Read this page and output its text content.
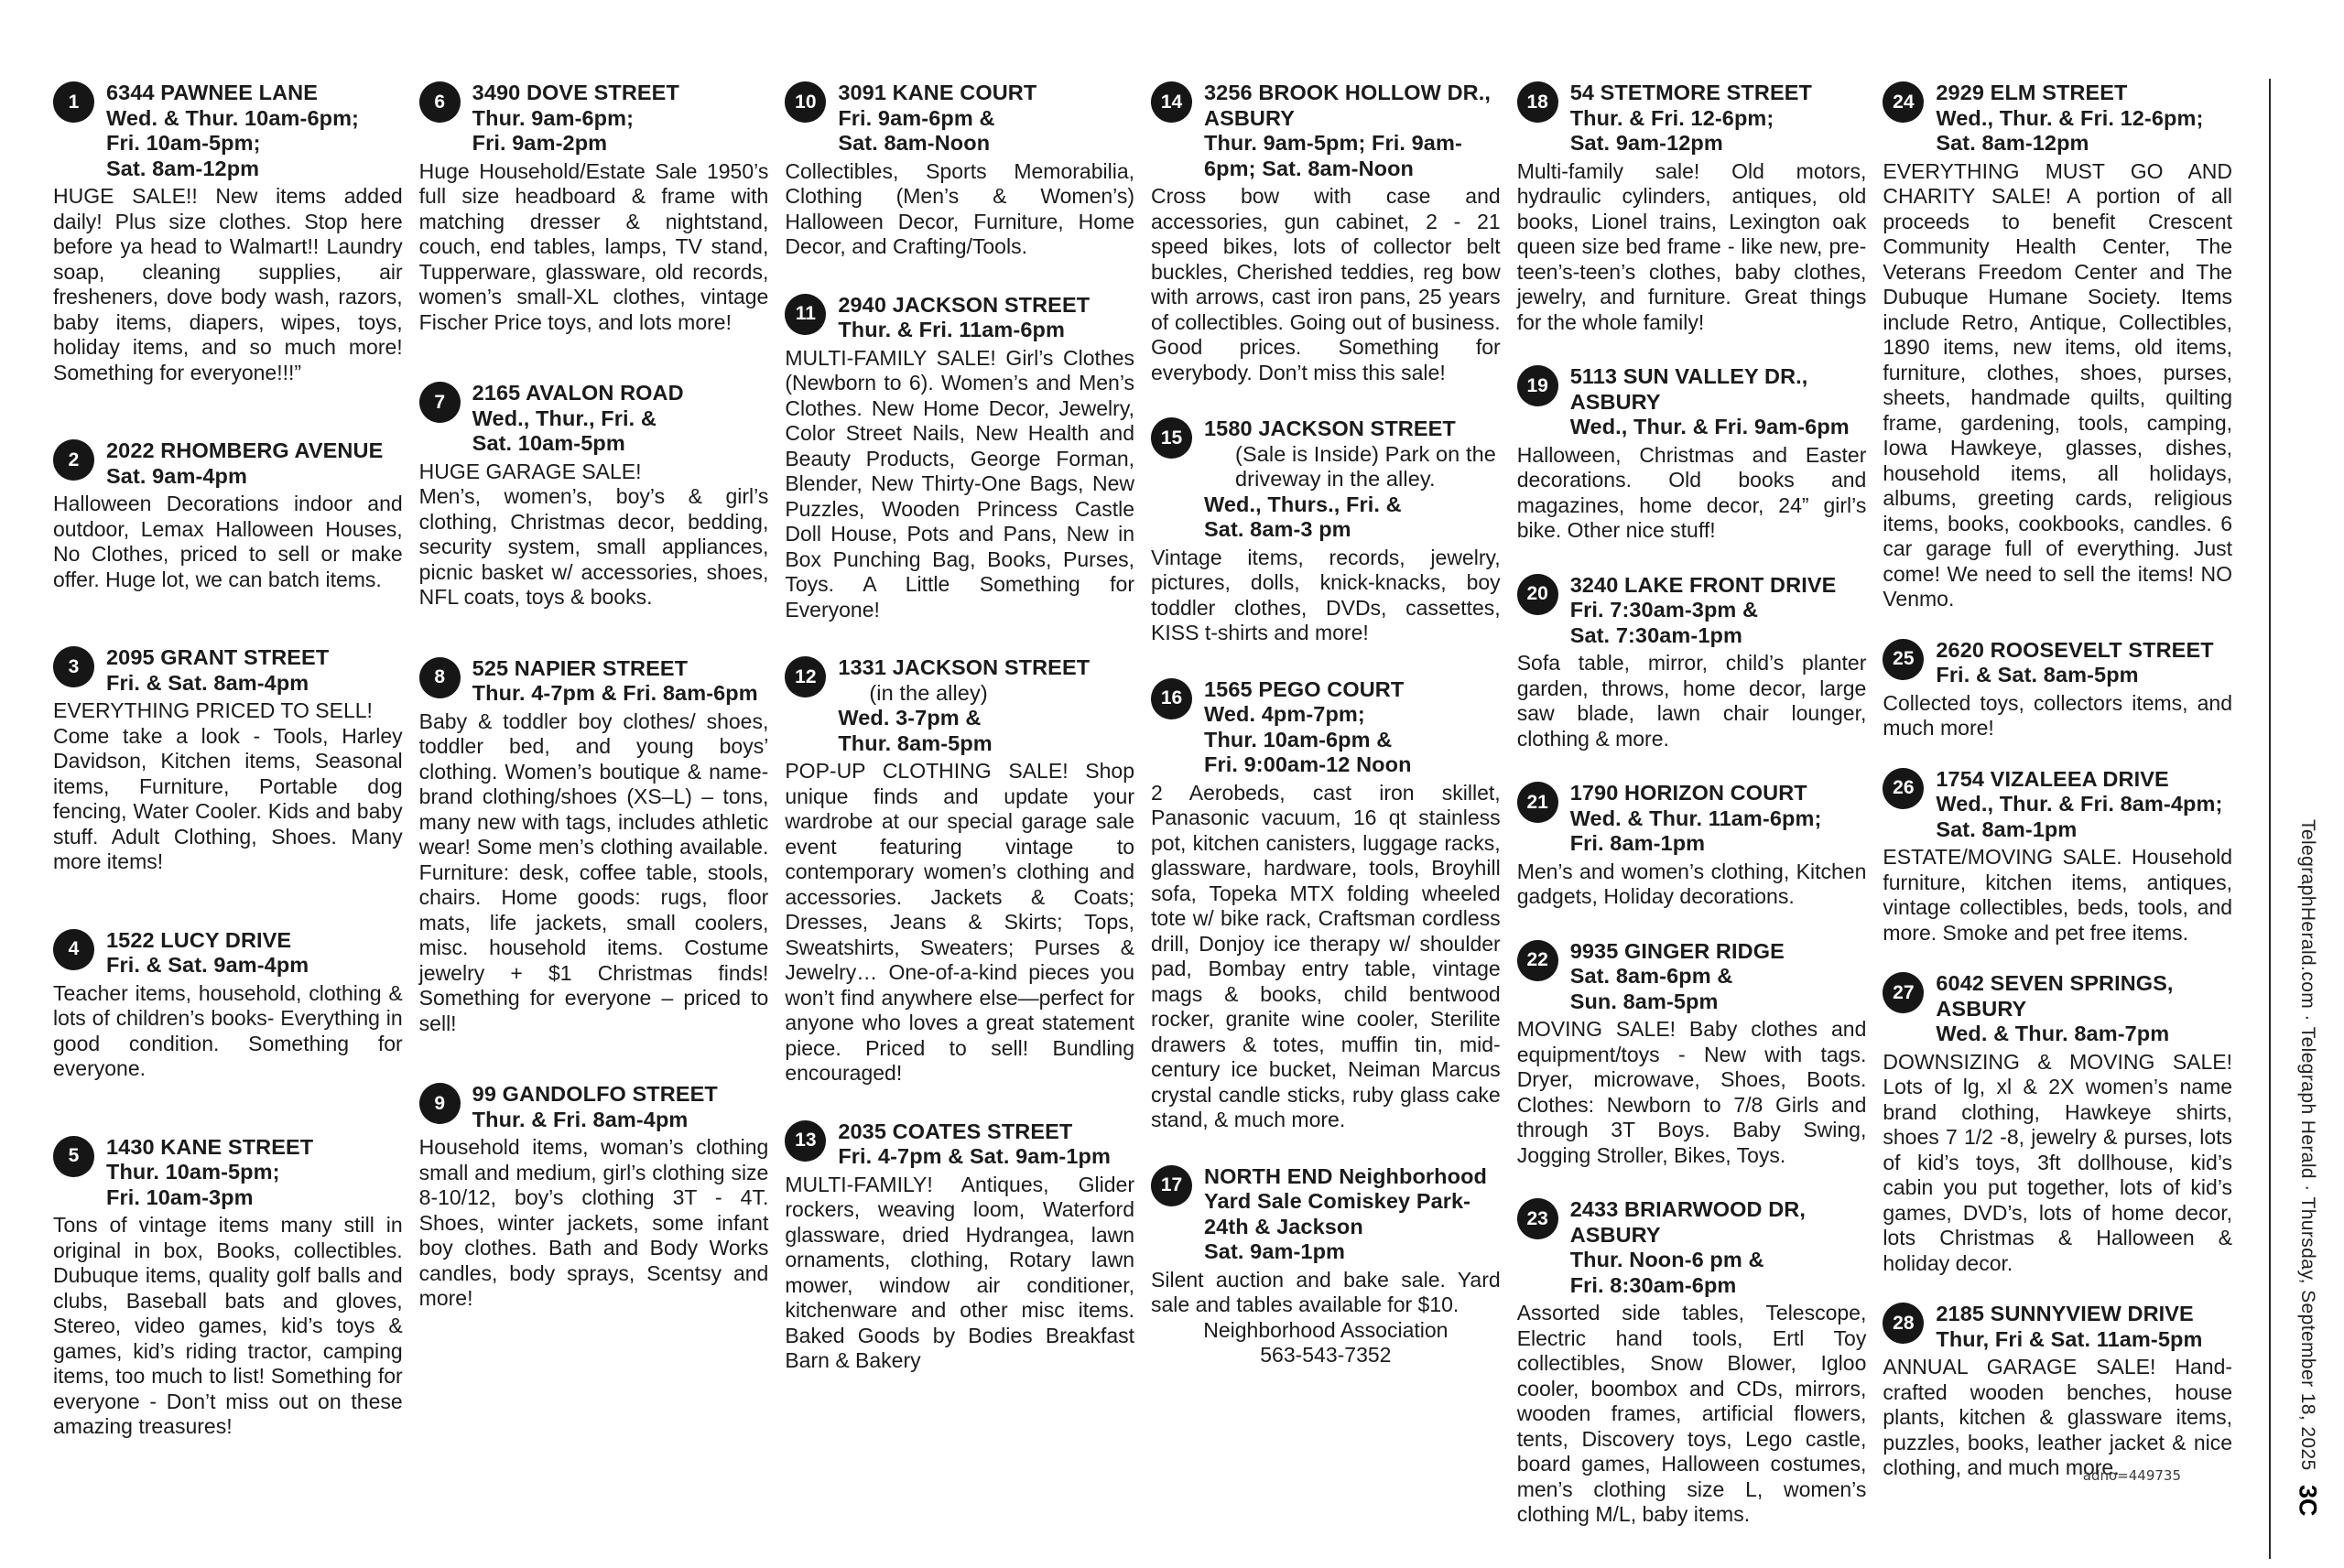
1	6344 PAWNEE LANE
Wed. & Thur. 10am-6pm;
Fri. 10am-5pm;
Sat. 8am-12pm

HUGE SALE!! New items added daily! Plus size clothes. Stop here before ya head to Walmart!! Laundry soap, cleaning supplies, air fresheners, dove body wash, razors, baby items, diapers, wipes, toys, holiday items, and so much more! Something for everyone!!!”

2	2022 RHOMBERG AVENUE
Sat. 9am-4pm

Halloween Decorations indoor and outdoor, Lemax Halloween Houses, No Clothes, priced to sell or make offer. Huge lot, we can batch items.

3	2095 GRANT STREET
Fri. & Sat. 8am-4pm

EVERYTHING PRICED TO SELL!

Come take a look - Tools, Harley Davidson, Kitchen items, Seasonal items, Furniture, Portable dog fencing, Water Cooler. Kids and baby stuff. Adult Clothing, Shoes. Many more items!

4	1522 LUCY DRIVE
Fri. & Sat. 9am-4pm

Teacher items, household, clothing & lots of children’s books- Everything in good condition. Something for everyone.

5	1430 KANE STREET
Thur. 10am-5pm;
Fri. 10am-3pm

Tons of vintage items many still in original in box, Books, collectibles. Dubuque items, quality golf balls and clubs, Baseball bats and gloves, Stereo, video games, kid’s toys & games, kid’s riding tractor, camping items, too much to list! Something for everyone - Don’t miss out on these amazing treasures!

6	3490 DOVE STREET
Thur. 9am-6pm;
Fri. 9am-2pm

Huge Household/Estate Sale 1950’s full size headboard & frame with matching dresser & nightstand, couch, end tables, lamps, TV stand, Tupperware, glassware, old records, women’s small-XL clothes, vintage Fischer Price toys, and lots more!

7	2165 AVALON ROAD
Wed., Thur., Fri. &
Sat. 10am-5pm

HUGE GARAGE SALE!

Men’s, women’s, boy’s & girl’s clothing, Christmas decor, bedding, security system, small appliances, picnic basket w/ accessories, shoes, NFL coats, toys & books.

8	525 NAPIER STREET
Thur. 4-7pm & Fri. 8am-6pm

Baby & toddler boy clothes/ shoes, toddler bed, and young boys’ clothing. Women’s boutique & name-brand clothing/shoes (XS–L) – tons, many new with tags, includes athletic wear! Some men’s clothing available. Furniture: desk, coffee table, stools, chairs. Home goods: rugs, floor mats, life jackets, small coolers, misc. household items. Costume jewelry + $1 Christmas finds! Something for everyone – priced to sell!

9	99 GANDOLFO STREET
Thur. & Fri. 8am-4pm

Household items, woman’s clothing small and medium, girl’s clothing size 8-10/12, boy’s clothing 3T - 4T. Shoes, winter jackets, some infant boy clothes. Bath and Body Works candles, body sprays, Scentsy and more!

10	3091 KANE COURT
Fri. 9am-6pm &
Sat. 8am-Noon

Collectibles, Sports Memorabilia, Clothing (Men’s & Women’s) Halloween Decor, Furniture, Home Decor, and Crafting/Tools.

11	2940 JACKSON STREET
Thur. & Fri. 11am-6pm

MULTI-FAMILY SALE! Girl’s Clothes (Newborn to 6). Women’s and Men’s Clothes. New Home Decor, Jewelry, Color Street Nails, New Health and Beauty Products, George Forman, Blender, New Thirty-One Bags, New Puzzles, Wooden Princess Castle Doll House, Pots and Pans, New in Box Punching Bag, Books, Purses, Toys. A Little Something for Everyone!

12	1331 JACKSON STREET
(in the alley)
Wed. 3-7pm &
Thur. 8am-5pm

POP-UP CLOTHING SALE! Shop unique finds and update your wardrobe at our special garage sale event featuring vintage to contemporary women’s clothing and accessories. Jackets & Coats; Dresses, Jeans & Skirts; Tops, Sweatshirts, Sweaters; Purses & Jewelry… One-of-a-kind pieces you won’t find anywhere else—perfect for anyone who loves a great statement piece. Priced to sell! Bundling encouraged!

13	2035 COATES STREET
Fri. 4-7pm & Sat. 9am-1pm

MULTI-FAMILY! Antiques, Glider rockers, weaving loom, Waterford glassware, dried Hydrangea, lawn ornaments, clothing, Rotary lawn mower, window air conditioner, kitchenware and other misc items. Baked Goods by Bodies Breakfast Barn & Bakery

14	3256 BROOK HOLLOW DR.,
ASBURY
Thur. 9am-5pm; Fri. 9am-
6pm; Sat. 8am-Noon

Cross bow with case and accessories, gun cabinet, 2 - 21 speed bikes, lots of collector belt buckles, Cherished teddies, reg bow with arrows, cast iron pans, 25 years of collectibles. Going out of business. Good prices. Something for everybody. Don’t miss this sale!

15	1580 JACKSON STREET
(Sale is Inside) Park on the
driveway in the alley.
Wed., Thurs., Fri. &
Sat. 8am-3 pm

Vintage items, records, jewelry, pictures, dolls, knick-knacks, boy toddler clothes, DVDs, cassettes, KISS t-shirts and more!

16	1565 PEGO COURT
Wed. 4pm-7pm;
Thur. 10am-6pm &
Fri. 9:00am-12 Noon

2 Aerobeds, cast iron skillet, Panasonic vacuum, 16 qt stainless pot, kitchen canisters, luggage racks, glassware, hardware, tools, Broyhill sofa, Topeka MTX folding wheeled tote w/ bike rack, Craftsman cordless drill, Donjoy ice therapy w/ shoulder pad, Bombay entry table, vintage mags & books, child bentwood rocker, granite wine cooler, Sterilite drawers & totes, muffin tin, mid-century ice bucket, Neiman Marcus crystal candle sticks, ruby glass cake stand, & much more.

17	NORTH END Neighborhood
Yard Sale Comiskey Park-
24th & Jackson
Sat. 9am-1pm

Silent auction and bake sale. Yard sale and tables available for $10.

Neighborhood Association
563-543-7352
18	54 STETMORE STREET
Thur. & Fri. 12-6pm;
Sat. 9am-12pm

Multi-family sale! Old motors, hydraulic cylinders, antiques, old books, Lionel trains, Lexington oak queen size bed frame - like new, pre-teen’s-teen’s clothes, baby clothes, jewelry, and furniture. Great things for the whole family!

19	5113 SUN VALLEY DR., ASBURY
Wed., Thur. & Fri. 9am-6pm

Halloween, Christmas and Easter decorations. Old books and magazines, home decor, 24” girl’s bike. Other nice stuff!

20	3240 LAKE FRONT DRIVE
Fri. 7:30am-3pm &
Sat. 7:30am-1pm

Sofa table, mirror, child’s planter garden, throws, home decor, large saw blade, lawn chair lounger, clothing & more.

21	1790 HORIZON COURT
Wed. & Thur. 11am-6pm;
Fri. 8am-1pm

Men’s and women’s clothing, Kitchen gadgets, Holiday decorations.

22	9935 GINGER RIDGE
Sat. 8am-6pm &
Sun. 8am-5pm

MOVING SALE! Baby clothes and equipment/toys - New with tags. Dryer, microwave, Shoes, Boots. Clothes: Newborn to 7/8 Girls and through 3T Boys. Baby Swing, Jogging Stroller, Bikes, Toys.

23	2433 BRIARWOOD DR, ASBURY
Thur. Noon-6 pm &
Fri. 8:30am-6pm

Assorted side tables, Telescope, Electric hand tools, Ertl Toy collectibles, Snow Blower, Igloo cooler, boombox and CDs, mirrors, wooden frames, artificial flowers, tents, Discovery toys, Lego castle, board games, Halloween costumes, men’s clothing size L, women’s clothing M/L, baby items.

24	2929 ELM STREET
Wed., Thur. & Fri. 12-6pm;
Sat. 8am-12pm

EVERYTHING MUST GO AND CHARITY SALE! A portion of all proceeds to benefit Crescent Community Health Center, The Veterans Freedom Center and The Dubuque Humane Society. Items include Retro, Antique, Collectibles, 1890 items, new items, old items, furniture, clothes, shoes, purses, sheets, handmade quilts, quilting frame, gardening, tools, camping, Iowa Hawkeye, glasses, dishes, household items, all holidays, albums, greeting cards, religious items, books, cookbooks, candles. 6 car garage full of everything. Just come! We need to sell the items! NO Venmo.

25	2620 ROOSEVELT STREET
Fri. & Sat. 8am-5pm

Collected toys, collectors items, and much more!

26	1754 VIZALEEA DRIVE
Wed., Thur. & Fri. 8am-4pm;
Sat. 8am-1pm

ESTATE/MOVING SALE. Household furniture, kitchen items, antiques, vintage collectibles, beds, tools, and more. Smoke and pet free items.

27	6042 SEVEN SPRINGS, ASBURY
Wed. & Thur. 8am-7pm

DOWNSIZING & MOVING SALE! Lots of lg, xl & 2X women’s name brand clothing, Hawkeye shirts, shoes 7 1/2 -8, jewelry & purses, lots of kid’s toys, 3ft dollhouse, kid’s cabin you put together, lots of kid’s games, DVD’s, lots of home decor, lots Christmas & Halloween & holiday decor.

28	2185 SUNNYVIEW DRIVE
Thur, Fri & Sat. 11am-5pm

ANNUAL GARAGE SALE! Hand-crafted wooden benches, house plants, kitchen & glassware items, puzzles, books, leather jacket & nice clothing, and much more.	TelegraphHerald.com · Telegraph Herald · Thursday, September 18, 2025
3C
adno=449735
